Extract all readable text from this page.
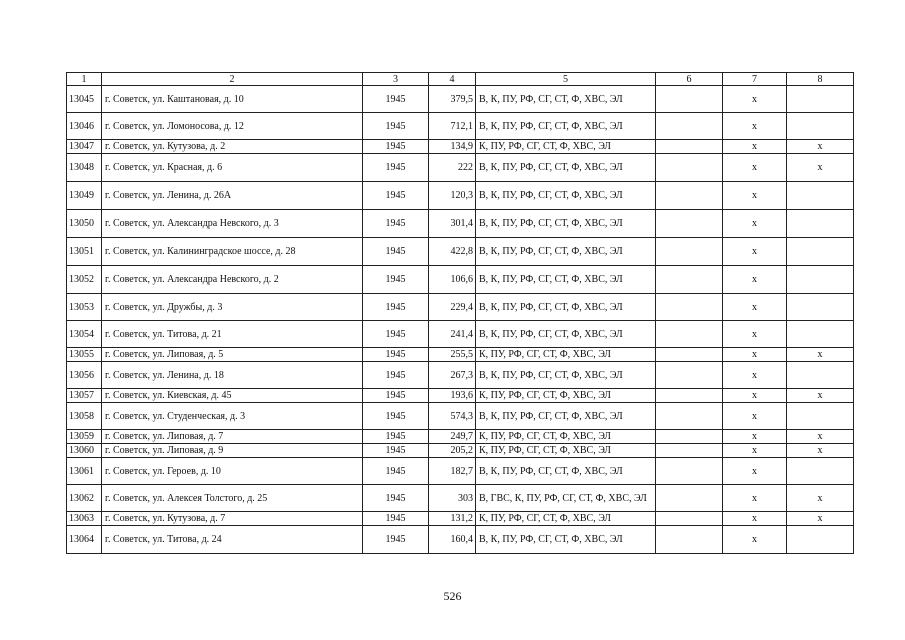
1	2	3	4	5	6	7	8
13045	г. Советск, ул. Каштановая, д. 10	1945	379,5	В, К, ПУ, РФ, СГ, СТ, Ф, ХВС, ЭЛ		х	
13046	г. Советск, ул. Ломоносова, д. 12	1945	712,1	В, К, ПУ, РФ, СГ, СТ, Ф, ХВС, ЭЛ		х	
13047	г. Советск, ул. Кутузова, д. 2	1945	134,9	К, ПУ, РФ, СГ, СТ, Ф, ХВС, ЭЛ		х	х
13048	г. Советск, ул. Красная, д. 6	1945	222	В, К, ПУ, РФ, СГ, СТ, Ф, ХВС, ЭЛ		х	х
13049	г. Советск, ул. Ленина, д. 26А	1945	120,3	В, К, ПУ, РФ, СГ, СТ, Ф, ХВС, ЭЛ		х	
13050	г. Советск, ул. Александра Невского, д. 3	1945	301,4	В, К, ПУ, РФ, СГ, СТ, Ф, ХВС, ЭЛ		х	
13051	г. Советск, ул. Калининградское шоссе, д. 28	1945	422,8	В, К, ПУ, РФ, СГ, СТ, Ф, ХВС, ЭЛ		х	
13052	г. Советск, ул. Александра Невского, д. 2	1945	106,6	В, К, ПУ, РФ, СГ, СТ, Ф, ХВС, ЭЛ		х	
13053	г. Советск, ул. Дружбы, д. 3	1945	229,4	В, К, ПУ, РФ, СГ, СТ, Ф, ХВС, ЭЛ		х	
13054	г. Советск, ул. Титова, д. 21	1945	241,4	В, К, ПУ, РФ, СГ, СТ, Ф, ХВС, ЭЛ		х	
13055	г. Советск, ул. Липовая, д. 5	1945	255,5	К, ПУ, РФ, СГ, СТ, Ф, ХВС, ЭЛ		х	х
13056	г. Советск, ул. Ленина, д. 18	1945	267,3	В, К, ПУ, РФ, СГ, СТ, Ф, ХВС, ЭЛ		х	
13057	г. Советск, ул. Киевская, д. 45	1945	193,6	К, ПУ, РФ, СГ, СТ, Ф, ХВС, ЭЛ		х	х
13058	г. Советск, ул. Студенческая, д. 3	1945	574,3	В, К, ПУ, РФ, СГ, СТ, Ф, ХВС, ЭЛ		х	
13059	г. Советск, ул. Липовая, д. 7	1945	249,7	К, ПУ, РФ, СГ, СТ, Ф, ХВС, ЭЛ		х	х
13060	г. Советск, ул. Липовая, д. 9	1945	205,2	К, ПУ, РФ, СГ, СТ, Ф, ХВС, ЭЛ		х	х
13061	г. Советск, ул. Героев, д. 10	1945	182,7	В, К, ПУ, РФ, СГ, СТ, Ф, ХВС, ЭЛ		х	
13062	г. Советск, ул. Алексея Толстого, д. 25	1945	303	В, ГВС, К, ПУ, РФ, СГ, СТ, Ф, ХВС, ЭЛ		х	х
13063	г. Советск, ул. Кутузова, д. 7	1945	131,2	К, ПУ, РФ, СГ, СТ, Ф, ХВС, ЭЛ		х	х
13064	г. Советск, ул. Титова, д. 24	1945	160,4	В, К, ПУ, РФ, СГ, СТ, Ф, ХВС, ЭЛ		х	
526
